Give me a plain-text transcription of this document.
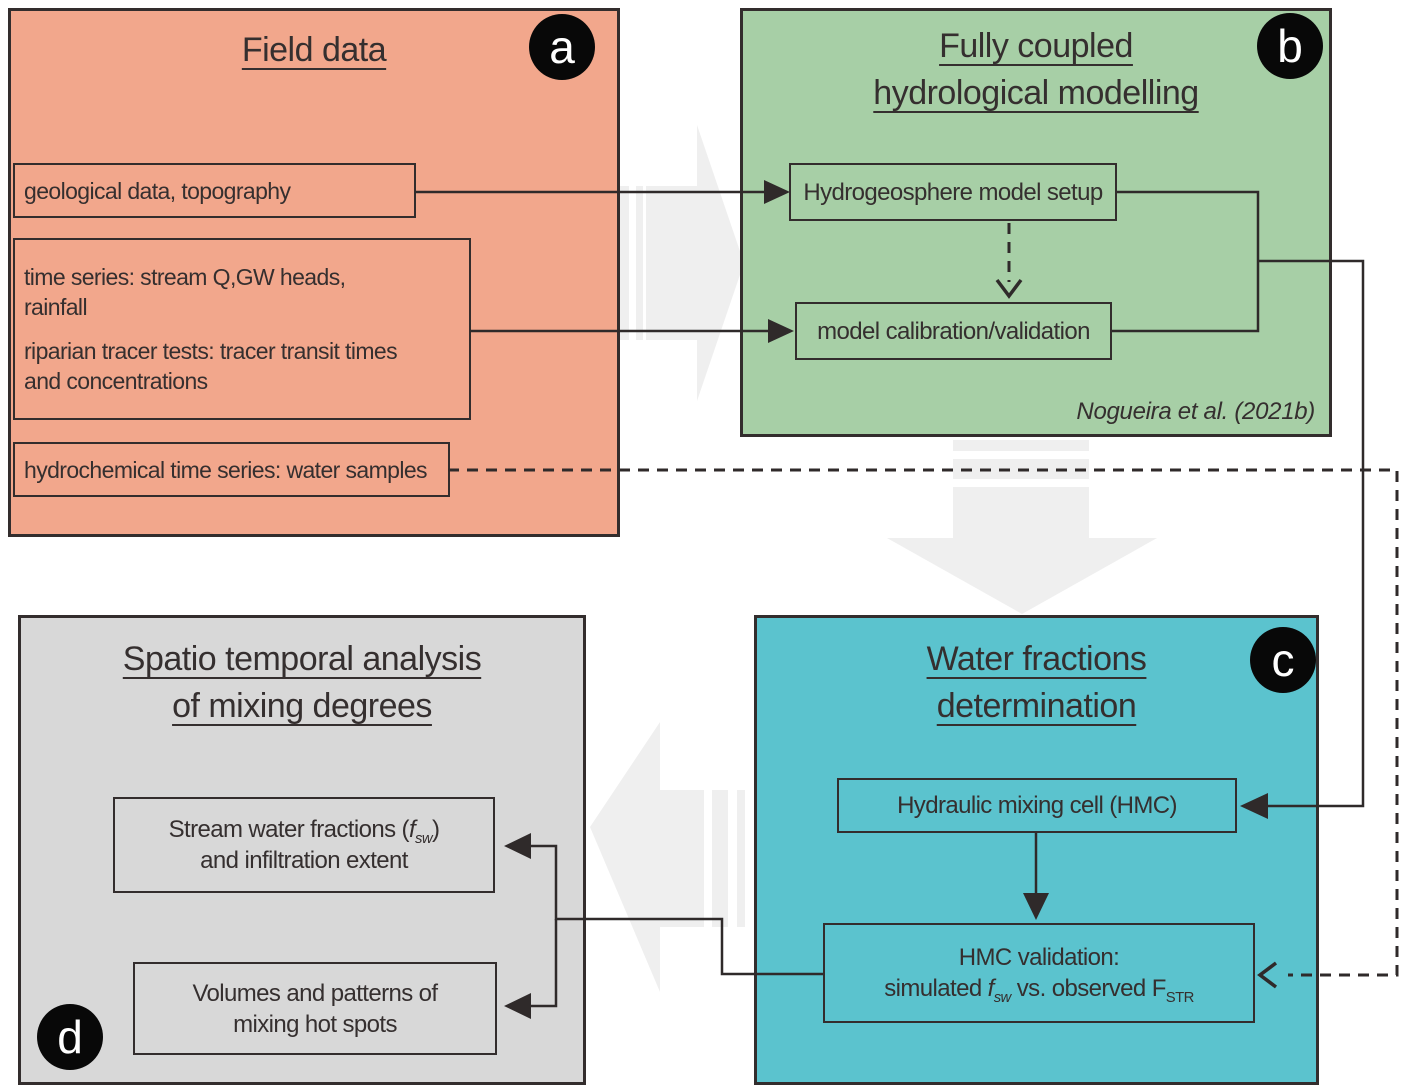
Field data
geological data, topography
time series: stream Q,GW heads,
rainfall
riparian tracer tests: tracer transit times
and concentrations
hydrochemical time series: water samples
Fully coupled
hydrological modelling
Hydrogeosphere model setup
model calibration/validation
Nogueira et al. (2021b)
Water fractions
determination
Hydraulic mixing cell (HMC)
HMC validation:
simulated $f_{sw}$ vs. observed $F_{STR}$
Spatio temporal analysis
of mixing degrees
Stream water fractions $(f_{sw})$
and infiltration extent
Volumes and patterns of
mixing hot spots
a	b
c
d
